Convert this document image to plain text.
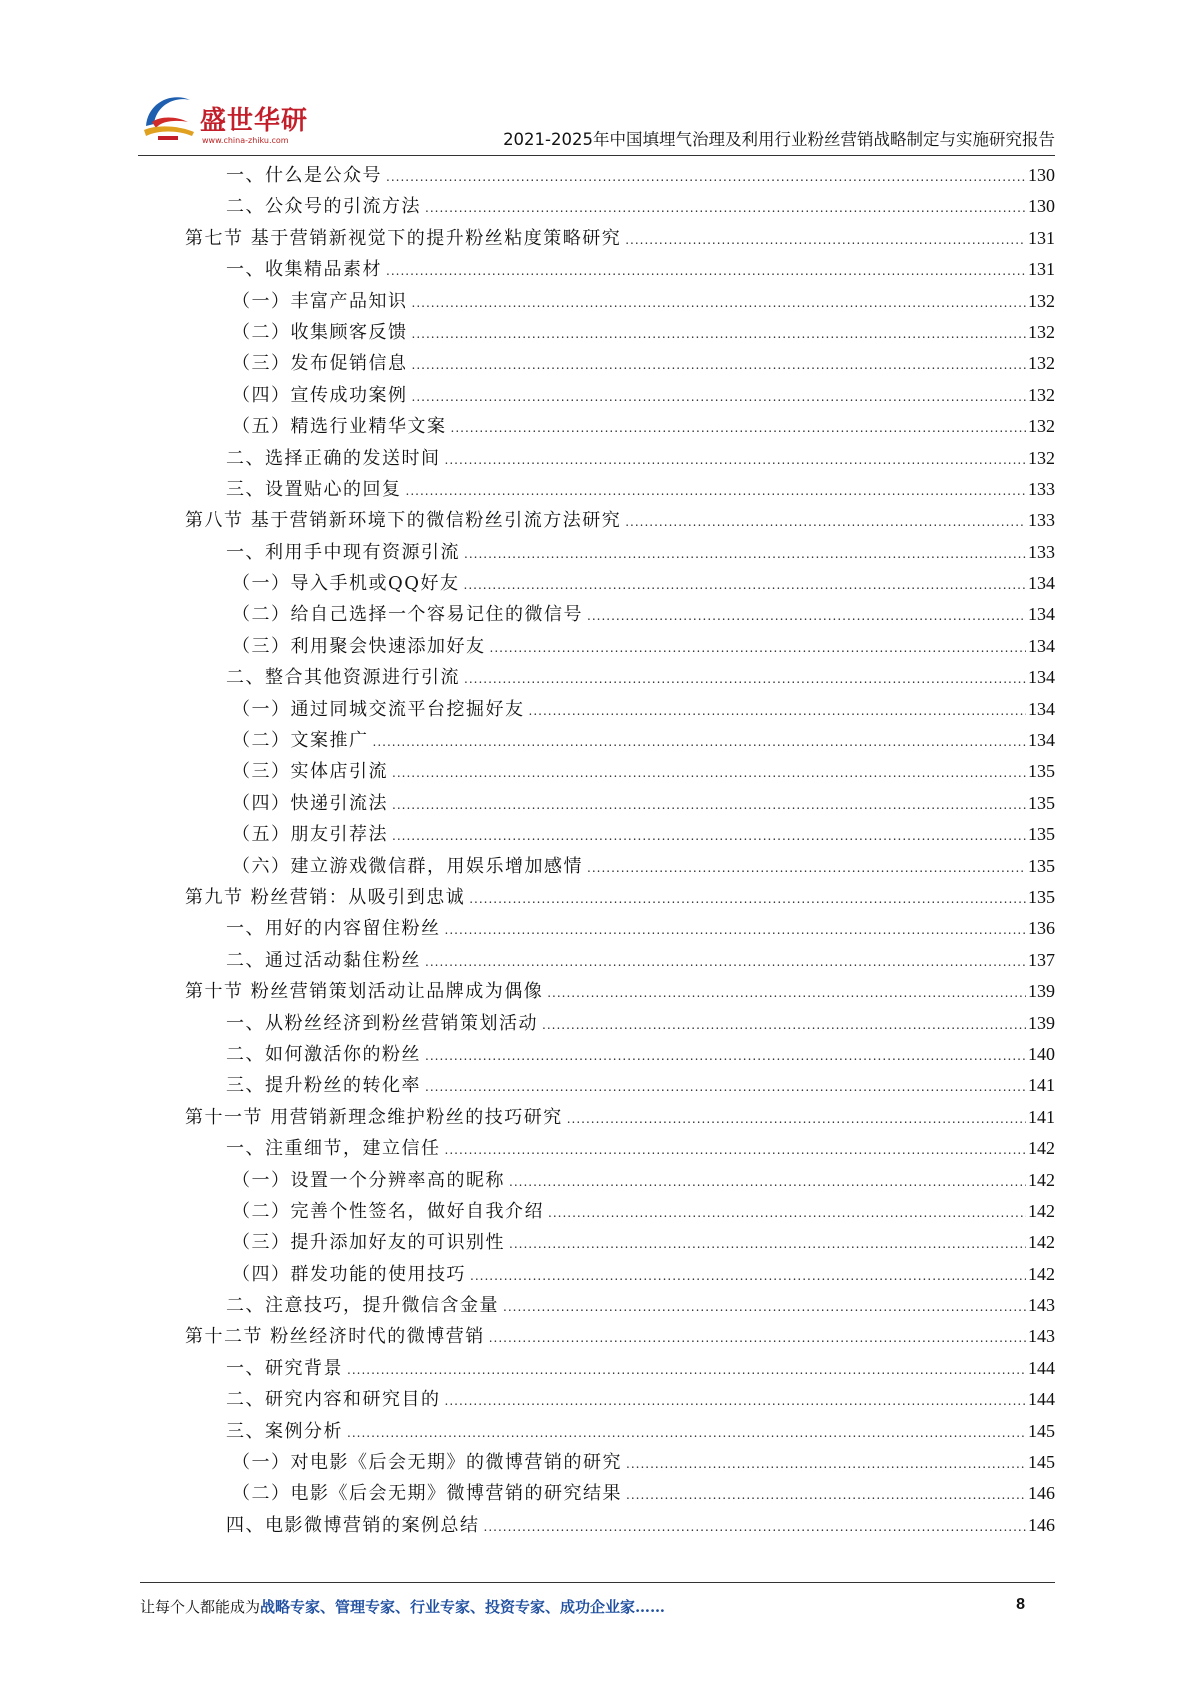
盛世华研
www.china-zhiku.com	2021-2025年中国填埋气治理及利用行业粉丝营销战略制定与实施研究报告
一、什么是公众号 .....	130
二、公众号的引流方法 .....	130
第七节 基于营销新视觉下的提升粉丝粘度策略研究 .....	131
一、收集精品素材 .....	131
（一）丰富产品知识 .....	132
（二）收集顾客反馈 .....	132
（三）发布促销信息 .....	132
（四）宣传成功案例 .....	132
（五）精选行业精华文案 .....	132
二、选择正确的发送时间 .....	132
三、设置贴心的回复 .....	133
第八节 基于营销新环境下的微信粉丝引流方法研究 .....	133
一、利用手中现有资源引流 .....	133
（一）导入手机或QQ好友 .....	134
（二）给自己选择一个容易记住的微信号 .....	134
（三）利用聚会快速添加好友 .....	134
二、整合其他资源进行引流 .....	134
（一）通过同城交流平台挖掘好友 .....	134
（二）文案推广 .....	134
（三）实体店引流 .....	135
（四）快递引流法 .....	135
（五）朋友引荐法 .....	135
（六）建立游戏微信群，用娱乐增加感情 .....	135
第九节 粉丝营销：从吸引到忠诚 .....	135
一、用好的内容留住粉丝 .....	136
二、通过活动黏住粉丝 .....	137
第十节 粉丝营销策划活动让品牌成为偶像 .....	139
一、从粉丝经济到粉丝营销策划活动 .....	139
二、如何激活你的粉丝 .....	140
三、提升粉丝的转化率 .....	141
第十一节 用营销新理念维护粉丝的技巧研究 .....	141
一、注重细节，建立信任 .....	142
（一）设置一个分辨率高的昵称 .....	142
（二）完善个性签名，做好自我介绍 .....	142
（三）提升添加好友的可识别性 .....	142
（四）群发功能的使用技巧 .....	142
二、注意技巧，提升微信含金量 .....	143
第十二节 粉丝经济时代的微博营销 .....	143
一、研究背景 .....	144
二、研究内容和研究目的 .....	144
三、案例分析 .....	145
（一）对电影《后会无期》的微博营销的研究 .....	145
（二）电影《后会无期》微博营销的研究结果 .....	146
四、电影微博营销的案例总结 .....	146
让每个人都能成为战略专家、管理专家、行业专家、投资专家、成功企业家……	8
